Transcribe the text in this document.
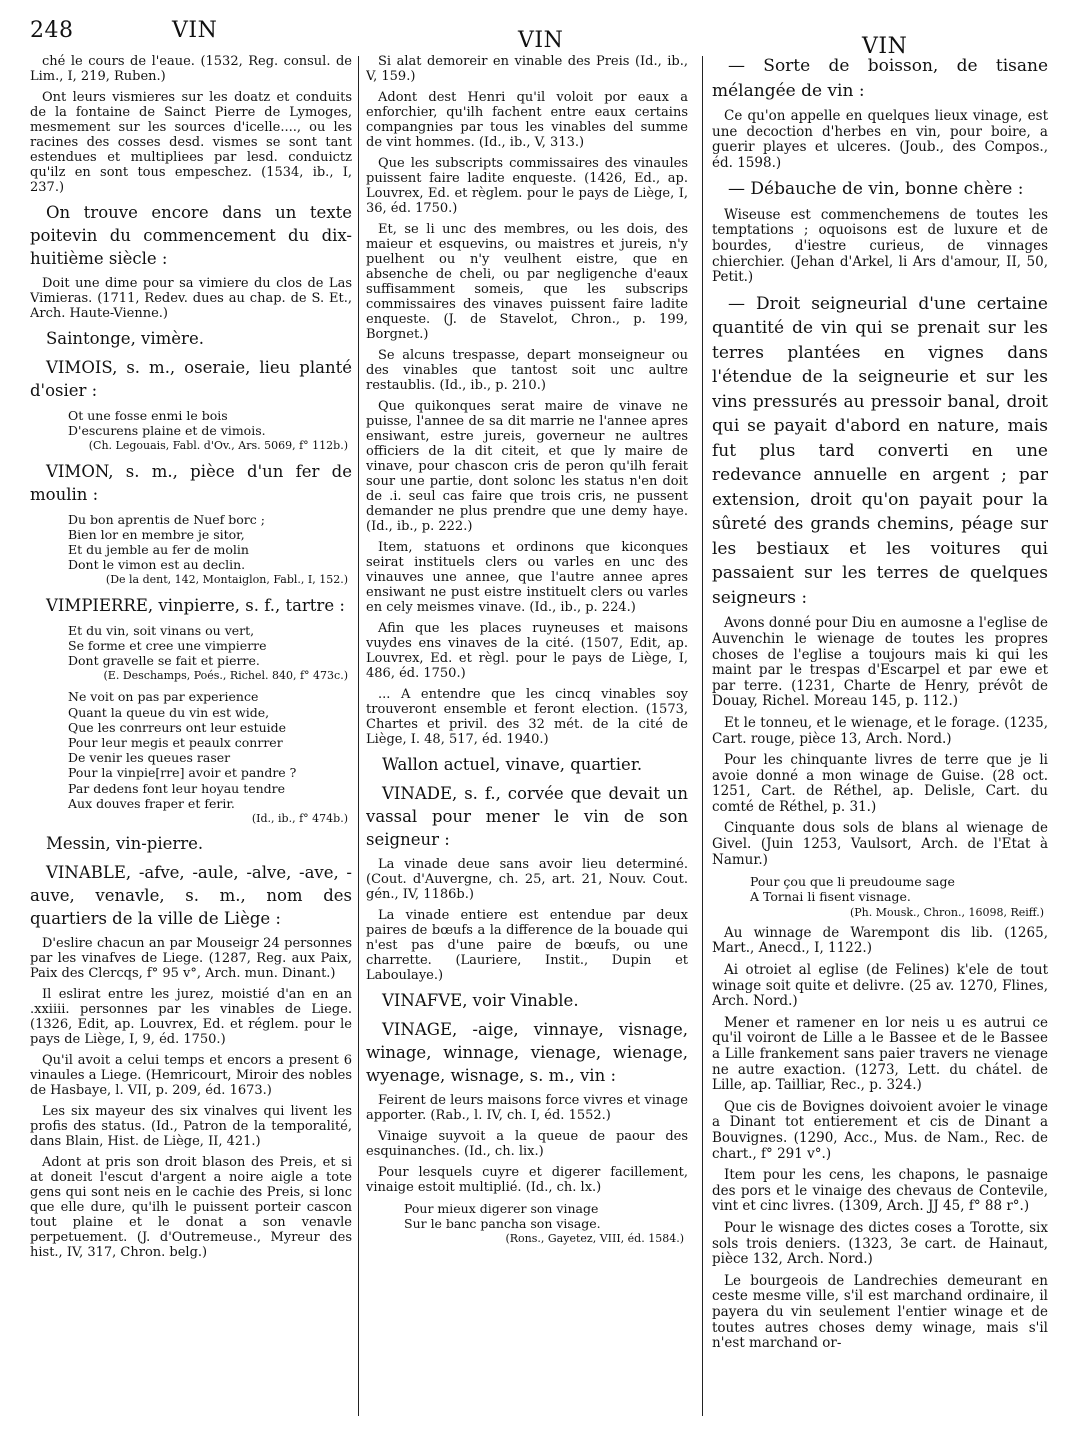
248	VIN	VIN	VIN

ché le cours de l'eaue. (1532, Reg. consul. de Lim., I, 219, Ruben.)

Ont leurs vismieres sur les doatz et conduits de la fontaine de Sainct Pierre de Lymoges, mesmement sur les sources d'icelle...., ou les racines des cosses desd. vismes se sont tant estendues et multipliees par lesd. conduictz qu'ilz en sont tous empeschez. (1534, ib., I, 237.)

On trouve encore dans un texte poitevin du commencement du dix-huitième siècle :

Doit une dime pour sa vimiere du clos de Las Vimieras. (1711, Redev. dues au chap. de S. Et., Arch. Haute-Vienne.)

Saintonge, vimère.

VIMOIS, s. m., oseraie, lieu planté d'osier :

Ot une fosse enmi le bois
D'escurens plaine et de vimois.
(Ch. Legouais, Fabl. d'Ov., Ars. 5069, f° 112b.)

VIMON, s. m., pièce d'un fer de moulin :

Du bon aprentis de Nuef borc ;
Bien lor en membre je sitor,
Et du jemble au fer de molin
Dont le vimon est au declin.
(De la dent, 142, Montaiglon, Fabl., I, 152.)

VIMPIERRE, vinpierre, s. f., tartre :

Et du vin, soit vinans ou vert,
Se forme et cree une vimpierre
Dont gravelle se fait et pierre.
(E. Deschamps, Poés., Richel. 840, f° 473c.)
Ne voit on pas par experience
Quant la queue du vin est wide,
Que les conrreurs ont leur estuide
Pour leur megis et peaulx conrrer
De venir les queues raser
Pour la vinpie[rre] avoir et pandre ?
Par dedens font leur hoyau tendre
Aux douves fraper et ferir.
(Id., ib., f° 474b.)

Messin, vin-pierre.

VINABLE, -afve, -aule, -alve, -ave, -auve, venavle, s. m., nom des quartiers de la ville de Liège :

D'eslire chacun an par Mouseigr 24 personnes par les vinafves de Liege. (1287, Reg. aux Paix, Paix des Clercqs, f° 95 v°, Arch. mun. Dinant.)

Il eslirat entre les jurez, moistié d'an en an .xxiiii. personnes par les vinables de Liege. (1326, Edit, ap. Louvrex, Ed. et réglem. pour le pays de Liège, I, 9, éd. 1750.)

Qu'il avoit a celui temps et encors a present 6 vinaules a Liege. (Hemricourt, Miroir des nobles de Hasbaye, l. VII, p. 209, éd. 1673.)

Les six mayeur des six vinalves qui livent les profis des status. (Id., Patron de la temporalité, dans Blain, Hist. de Liège, II, 421.)

Adont at pris son droit blason des Preis, et si at doneit l'escut d'argent a noire aigle a tote gens qui sont neis en le cachie des Preis, si lonc que elle dure, qu'ilh le puissent porteir cascon tout plaine et le donat a son venavle perpetuement. (J. d'Outremeuse., Myreur des hist., IV, 317, Chron. belg.)

Si alat demoreir en vinable des Preis (Id., ib., V, 159.)

Adont dest Henri qu'il voloit por eaux a enforchier, qu'ilh fachent entre eaux certains compangnies par tous les vinables del summe de vint hommes. (Id., ib., V, 313.)

Que les subscripts commissaires des vinaules puissent faire ladite enqueste. (1426, Ed., ap. Louvrex, Ed. et règlem. pour le pays de Liège, I, 36, éd. 1750.)

Et, se li unc des membres, ou les dois, des maieur et esquevins, ou maistres et jureis, n'y puelhent ou n'y veulhent eistre, que en absenche de cheli, ou par negligenche d'eaux suffisamment someis, que les subscrips commissaires des vinaves puissent faire ladite enqueste. (J. de Stavelot, Chron., p. 199, Borgnet.)

Se alcuns trespasse, depart monseigneur ou des vinables que tantost soit unc aultre restaublis. (Id., ib., p. 210.)

Que quikonques serat maire de vinave ne puisse, l'annee de sa dit marrie ne l'annee apres ensiwant, estre jureis, governeur ne aultres officiers de la dit citeit, et que ly maire de vinave, pour chascon cris de peron qu'ilh ferait sour une partie, dont solonc les status n'en doit de .i. seul cas faire que trois cris, ne pussent demander ne plus prendre que une demy haye. (Id., ib., p. 222.)

Item, statuons et ordinons que kiconques seirat instituels clers ou varles en unc des vinauves une annee, que l'autre annee apres ensiwant ne pust eistre instituelt clers ou varles en cely meismes vinave. (Id., ib., p. 224.)

Afin que les places ruyneuses et maisons vuydes ens vinaves de la cité. (1507, Edit, ap. Louvrex, Ed. et règl. pour le pays de Liège, I, 486, éd. 1750.)

... A entendre que les cincq vinables soy trouveront ensemble et feront election. (1573, Chartes et privil. des 32 mét. de la cité de Liège, I. 48, 517, éd. 1940.)

Wallon actuel, vinave, quartier.

VINADE, s. f., corvée que devait un vassal pour mener le vin de son seigneur :

La vinade deue sans avoir lieu determiné. (Cout. d'Auvergne, ch. 25, art. 21, Nouv. Cout. gén., IV, 1186b.)

La vinade entiere est entendue par deux paires de bœufs a la difference de la bouade qui n'est pas d'une paire de bœufs, ou une charrette. (Lauriere, Instit., Dupin et Laboulaye.)

VINAFVE, voir Vinable.

VINAGE, -aige, vinnaye, visnage, winage, winnage, vienage, wienage, wyenage, wisnage, s. m., vin :

Feirent de leurs maisons force vivres et vinage apporter. (Rab., l. IV, ch. I, éd. 1552.)

Vinaige suyvoit a la queue de paour des esquinanches. (Id., ch. lix.)

Pour lesquels cuyre et digerer facillement, vinaige estoit multiplié. (Id., ch. lx.)

Pour mieux digerer son vinage
Sur le banc pancha son visage.
(Rons., Gayetez, VIII, éd. 1584.)

— Sorte de boisson, de tisane mélangée de vin :

Ce qu'on appelle en quelques lieux vinage, est une decoction d'herbes en vin, pour boire, a guerir playes et ulceres. (Joub., des Compos., éd. 1598.)

— Débauche de vin, bonne chère :

Wiseuse est commenchemens de toutes les temptations ; oquoisons est de luxure et de bourdes, d'iestre curieus, de vinnages chierchier. (Jehan d'Arkel, li Ars d'amour, II, 50, Petit.)

— Droit seigneurial d'une certaine quantité de vin qui se prenait sur les terres plantées en vignes dans l'étendue de la seigneurie et sur les vins pressurés au pressoir banal, droit qui se payait d'abord en nature, mais fut plus tard converti en une redevance annuelle en argent ; par extension, droit qu'on payait pour la sûreté des grands chemins, péage sur les bestiaux et les voitures qui passaient sur les terres de quelques seigneurs :

Avons donné pour Diu en aumosne a l'eglise de Auvenchin le wienage de toutes les propres choses de l'eglise a toujours mais ki qui les maint par le trespas d'Escarpel et par ewe et par terre. (1231, Charte de Henry, prévôt de Douay, Richel. Moreau 145, p. 112.)

Et le tonneu, et le wienage, et le forage. (1235, Cart. rouge, pièce 13, Arch. Nord.)

Pour les chinquante livres de terre que je li avoie donné a mon winage de Guise. (28 oct. 1251, Cart. de Réthel, ap. Delisle, Cart. du comté de Réthel, p. 31.)

Cinquante dous sols de blans al wienage de Givel. (Juin 1253, Vaulsort, Arch. de l'Etat à Namur.)

Pour çou que li preudoume sage
A Tornai li fisent visnage.
(Ph. Mousk., Chron., 16098, Reiff.)

Au winnage de Warempont dis lib. (1265, Mart., Anecd., I, 1122.)

Ai otroiet al eglise (de Felines) k'ele de tout winage soit quite et delivre. (25 av. 1270, Flines, Arch. Nord.)

Mener et ramener en lor neis u es autrui ce qu'il voiront de Lille a le Bassee et de le Bassee a Lille frankement sans paier travers ne vienage ne autre exaction. (1273, Lett. du chátel. de Lille, ap. Tailliar, Rec., p. 324.)

Que cis de Bovignes doivoient avoier le vinage a Dinant tot entierement et cis de Dinant a Bouvignes. (1290, Acc., Mus. de Nam., Rec. de chart., f° 291 v°.)

Item pour les cens, les chapons, le pasnaige des pors et le vinaige des chevaus de Contevile, vint et cinc livres. (1309, Arch. JJ 45, f° 88 r°.)

Pour le wisnage des dictes coses a Torotte, six sols trois deniers. (1323, 3e cart. de Hainaut, pièce 132, Arch. Nord.)

Le bourgeois de Landrechies demeurant en ceste mesme ville, s'il est marchand ordinaire, il payera du vin seulement l'entier winage et de toutes autres choses demy winage, mais s'il n'est marchand or-
